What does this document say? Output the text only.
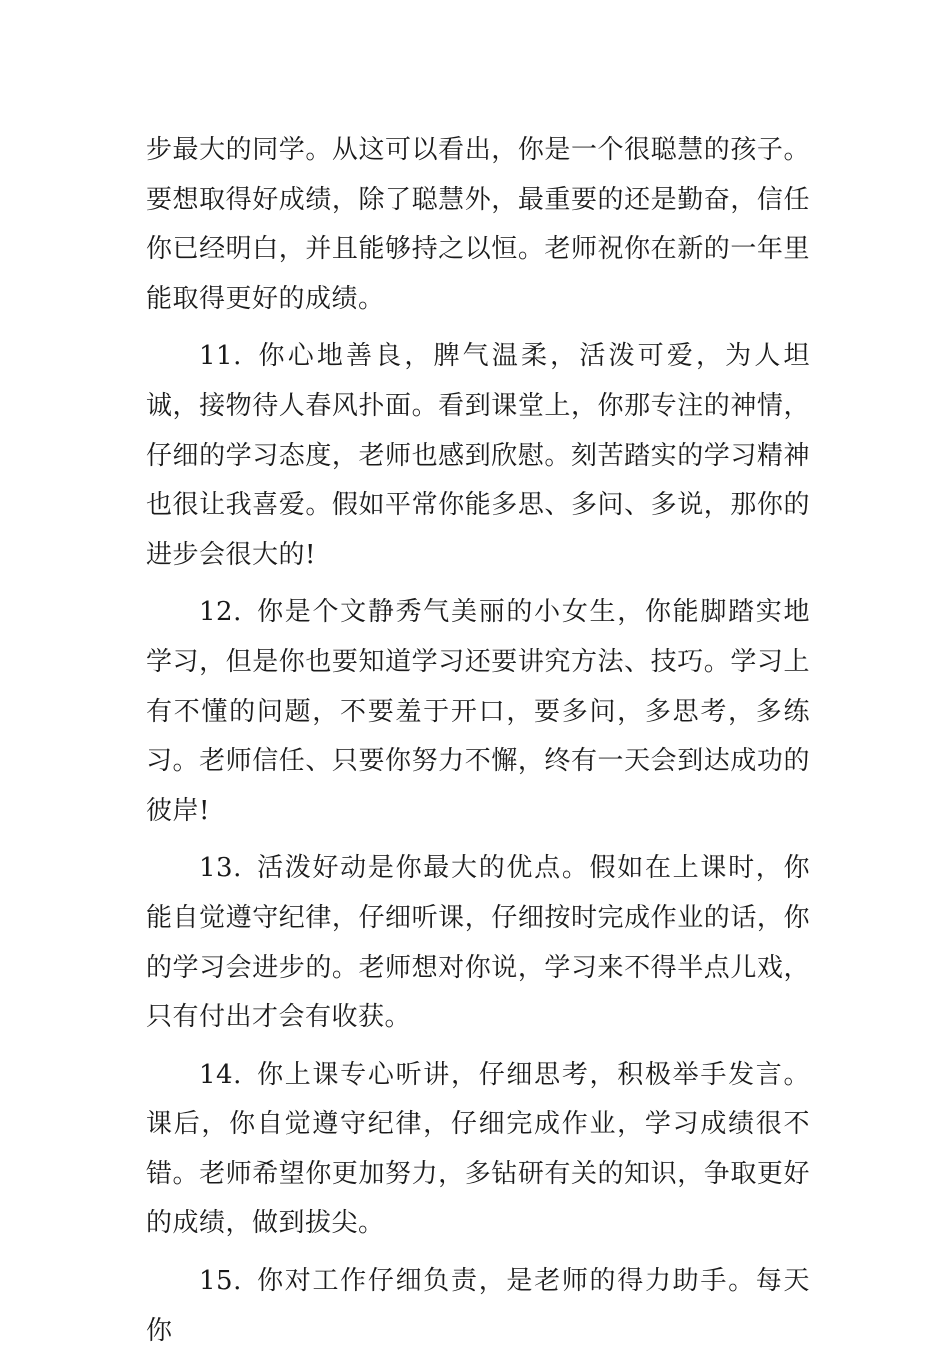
步最大的同学。从这可以看出，你是一个很聪慧的孩子。要想取得好成绩，除了聪慧外，最重要的还是勤奋，信任你已经明白，并且能够持之以恒。老师祝你在新的一年里能取得更好的成绩。

11. 你心地善良，脾气温柔，活泼可爱，为人坦诚，接物待人春风扑面。看到课堂上，你那专注的神情，仔细的学习态度，老师也感到欣慰。刻苦踏实的学习精神也很让我喜爱。假如平常你能多思、多问、多说，那你的进步会很大的!

12. 你是个文静秀气美丽的小女生，你能脚踏实地学习，但是你也要知道学习还要讲究方法、技巧。学习上有不懂的问题，不要羞于开口，要多问，多思考，多练习。老师信任、只要你努力不懈，终有一天会到达成功的彼岸!

13. 活泼好动是你最大的优点。假如在上课时，你能自觉遵守纪律，仔细听课，仔细按时完成作业的话，你的学习会进步的。老师想对你说，学习来不得半点儿戏，只有付出才会有收获。

14. 你上课专心听讲，仔细思考，积极举手发言。课后，你自觉遵守纪律，仔细完成作业，学习成绩很不错。老师希望你更加努力，多钻研有关的知识，争取更好的成绩，做到拔尖。

15. 你对工作仔细负责，是老师的得力助手。每天你
